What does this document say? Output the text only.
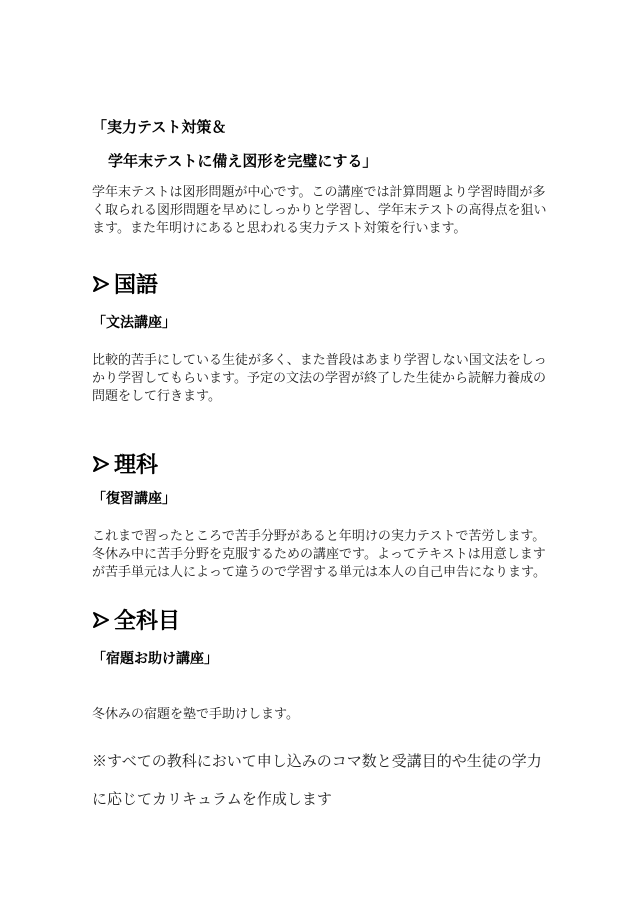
「実力テスト対策＆
学年末テストに備え図形を完璧にする」
学年末テストは図形問題が中心です。この講座では計算問題より学習時間が多
く取られる図形問題を早めにしっかりと学習し、学年末テストの高得点を狙い
ます。また年明けにあると思われる実力テスト対策を行います。
国語
「文法講座」
比較的苦手にしている生徒が多く、また普段はあまり学習しない国文法をしっ
かり学習してもらいます。予定の文法の学習が終了した生徒から読解力養成の
問題をして行きます。
理科
「復習講座」
これまで習ったところで苦手分野があると年明けの実力テストで苦労します。
冬休み中に苦手分野を克服するための講座です。よってテキストは用意します
が苦手単元は人によって違うので学習する単元は本人の自己申告になります。
全科目
「宿題お助け講座」
冬休みの宿題を塾で手助けします。
※すべての教科において申し込みのコマ数と受講目的や生徒の学力
に応じてカリキュラムを作成します
